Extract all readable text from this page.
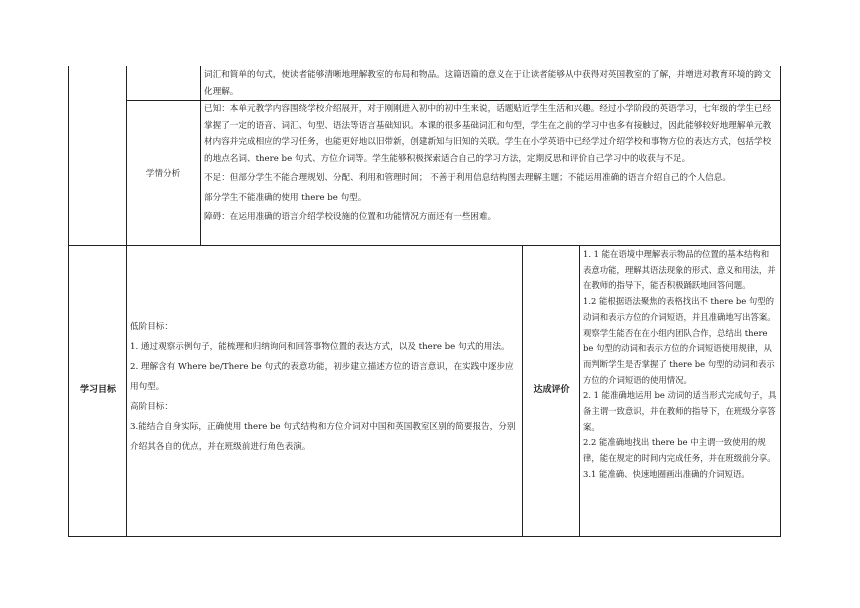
词汇和简单的句式，使读者能够清晰地理解教室的布局和物品。这篇语篇的意义在于让读者能够从中获得对英国教室的了解，并增进对教育环境的跨文化理解。
学情分析

已知：本单元教学内容围绕学校介绍展开，对于刚刚进入初中的初中生来说，话题贴近学生生活和兴趣。经过小学阶段的英语学习，七年级的学生已经掌握了一定的语音、词汇、句型、语法等语言基础知识。本课的很多基础词汇和句型，学生在之前的学习中也多有接触过，因此能够较好地理解单元教材内容并完成相应的学习任务，也能更好地以旧带新，创建新知与旧知的关联。学生在小学英语中已经学过介绍学校和事物方位的表达方式，包括学校的地点名词、there be 句式、方位介词等。学生能够积极探索适合自己的学习方法，定期反思和评价自己学习中的收获与不足。

不足：但部分学生不能合理规划、分配、利用和管理时间； 不善于利用信息结构图去理解主题；不能运用准确的语言介绍自己的个人信息。

部分学生不能准确的使用 there be 句型。

障碍：在运用准确的语言介绍学校设施的位置和功能情况方面还有一些困难。

学习目标
低阶目标：
1. 通过观察示例句子，能梳理和归纳询问和回答事物位置的表达方式，以及 there be 句式的用法。
2. 理解含有 Where be/There be 句式的表意功能，初步建立描述方位的语言意识，在实践中逐步应用句型。
高阶目标：
3.能结合自身实际，正确使用 there be 句式结构和方位介词对中国和英国教室区别的简要报告，分别介绍其各自的优点，并在班级前进行角色表演。
达成评价

1. 1 能在语境中理解表示物品的位置的基本结构和表意功能，理解其语法现象的形式、意义和用法，并在教师的指导下，能否积极踊跃地回答问题。

1.2 能根据语法聚焦的表格找出不 there be 句型的动词和表示方位的介词短语，并且准确地写出答案。观察学生能否在在小组内团队合作，总结出 there be 句型的动词和表示方位的介词短语使用规律，从而判断学生是否掌握了 there be 句型的动词和表示方位的介词短语的使用情况。

2. 1 能准确地运用 be 动词的适当形式完成句子，具备主谓一致意识，并在教师的指导下，在班级分享答案。

2.2 能准确地找出 there be 中主谓一致使用的规律，能在规定的时间内完成任务，并在班级前分享。

3.1 能准确、快速地圈画出准确的介词短语。
